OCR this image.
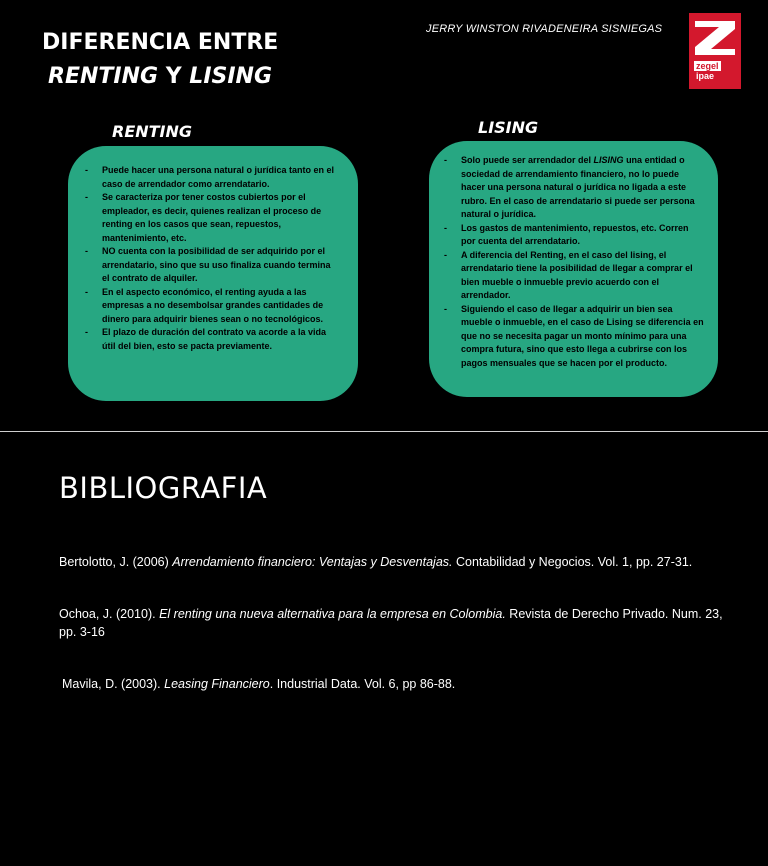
DIFERENCIA ENTRE
RENTING Y LISING
JERRY WINSTON RIVADENEIRA SISNIEGAS
zegel
ipae
RENTING	LISING
- Puede hacer una persona natural o jurídica tanto en el caso de arrendador como arrendatario.
- Se caracteriza por tener costos cubiertos por el empleador, es decir, quienes realizan el proceso de renting en los casos que sean, repuestos, mantenimiento, etc.
- NO cuenta con la posibilidad de ser adquirido por el arrendatario, sino que su uso finaliza cuando termina el contrato de alquiler.
- En el aspecto económico, el renting ayuda a las empresas a no desembolsar grandes cantidades de dinero para adquirir bienes sean o no tecnológicos.
- El plazo de duración del contrato va acorde a la vida útil del bien, esto se pacta previamente.
- Solo puede ser arrendador del LISING una entidad o sociedad de arrendamiento financiero, no lo puede hacer una persona natural o jurídica no ligada a este rubro. En el caso de arrendatario si puede ser persona natural o jurídica.
- Los gastos de mantenimiento, repuestos, etc. Corren por cuenta del arrendatario.
- A diferencia del Renting, en el caso del lising, el arrendatario tiene la posibilidad de llegar a comprar el bien mueble o inmueble previo acuerdo con el arrendador.
- Siguiendo el caso de llegar a adquirir un bien sea mueble o inmueble, en el caso de Lising se diferencia en que no se necesita pagar un monto mínimo para una compra futura, sino que esto llega a cubrirse con los pagos mensuales que se hacen por el producto.
BIBLIOGRAFIA
Bertolotto, J. (2006) Arrendamiento financiero: Ventajas y Desventajas. Contabilidad y Negocios. Vol. 1, pp. 27-31.
Ochoa, J. (2010). El renting una nueva alternativa para la empresa en Colombia. Revista de Derecho Privado. Num. 23, pp. 3-16
Mavila, D. (2003). Leasing Financiero. Industrial Data. Vol. 6, pp 86-88.
